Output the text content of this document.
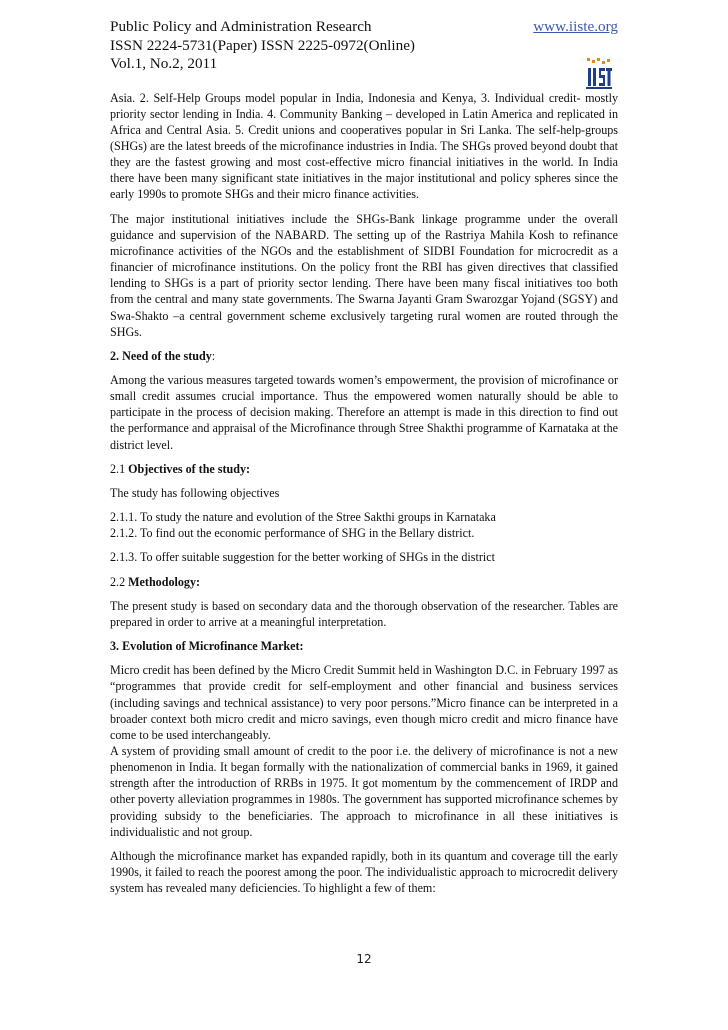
Public Policy and Administration Research	www.iiste.org
ISSN 2224-5731(Paper) ISSN 2225-0972(Online)
Vol.1, No.2, 2011

Asia. 2. Self-Help Groups model popular in India, Indonesia and Kenya, 3. Individual credit- mostly priority sector lending in India. 4. Community Banking – developed in Latin America and replicated in Africa and Central Asia. 5. Credit unions and cooperatives popular in Sri Lanka. The self-help-groups (SHGs) are the latest breeds of the microfinance industries in India. The SHGs proved beyond doubt that they are the fastest growing and most cost-effective micro financial initiatives in the world. In India there have been many significant state initiatives in the major institutional and policy spheres since the early 1990s to promote SHGs and their micro finance activities.

The major institutional initiatives include the SHGs-Bank linkage programme under the overall guidance and supervision of the NABARD. The setting up of the Rastriya Mahila Kosh to refinance microfinance activities of the NGOs and the establishment of SIDBI Foundation for microcredit as a financier of microfinance institutions. On the policy front the RBI has given directives that classified lending to SHGs is a part of priority sector lending. There have been many fiscal initiatives too both from the central and many state governments. The Swarna Jayanti Gram Swarozgar Yojand (SGSY) and Swa-Shakto –a central government scheme exclusively targeting rural women are routed through the SHGs.

2. Need of the study:

Among the various measures targeted towards women’s empowerment, the provision of microfinance or small credit assumes crucial importance. Thus the empowered women naturally should be able to participate in the process of decision making. Therefore an attempt is made in this direction to find out the performance and appraisal of the Microfinance through Stree Shakthi programme of Karnataka at the district level.

2.1 Objectives of the study:

The study has following objectives

2.1.1. To study the nature and evolution of the Stree Sakthi groups in Karnataka

2.1.2. To find out the economic performance of SHG in the Bellary district.

2.1.3. To offer suitable suggestion for the better working of SHGs in the district

2.2 Methodology:

The present study is based on secondary data and the thorough observation of the researcher. Tables are prepared in order to arrive at a meaningful interpretation.

3. Evolution of Microfinance Market:

Micro credit has been defined by the Micro Credit Summit held in Washington D.C. in February 1997 as “programmes that provide credit for self-employment and other financial and business services (including savings and technical assistance) to very poor persons.”Micro finance can be interpreted in a broader context both micro credit and micro savings, even though micro credit and micro finance have come to be used interchangeably.

A system of providing small amount of credit to the poor i.e. the delivery of microfinance is not a new phenomenon in India. It began formally with the nationalization of commercial banks in 1969, it gained strength after the introduction of RRBs in 1975. It got momentum by the commencement of IRDP and other poverty alleviation programmes in 1980s. The government has supported microfinance schemes by providing subsidy to the beneficiaries. The approach to microfinance in all these initiatives is individualistic and not group.

Although the microfinance market has expanded rapidly, both in its quantum and coverage till the early 1990s, it failed to reach the poorest among the poor. The individualistic approach to microcredit delivery system has revealed many deficiencies. To highlight a few of them:

12
